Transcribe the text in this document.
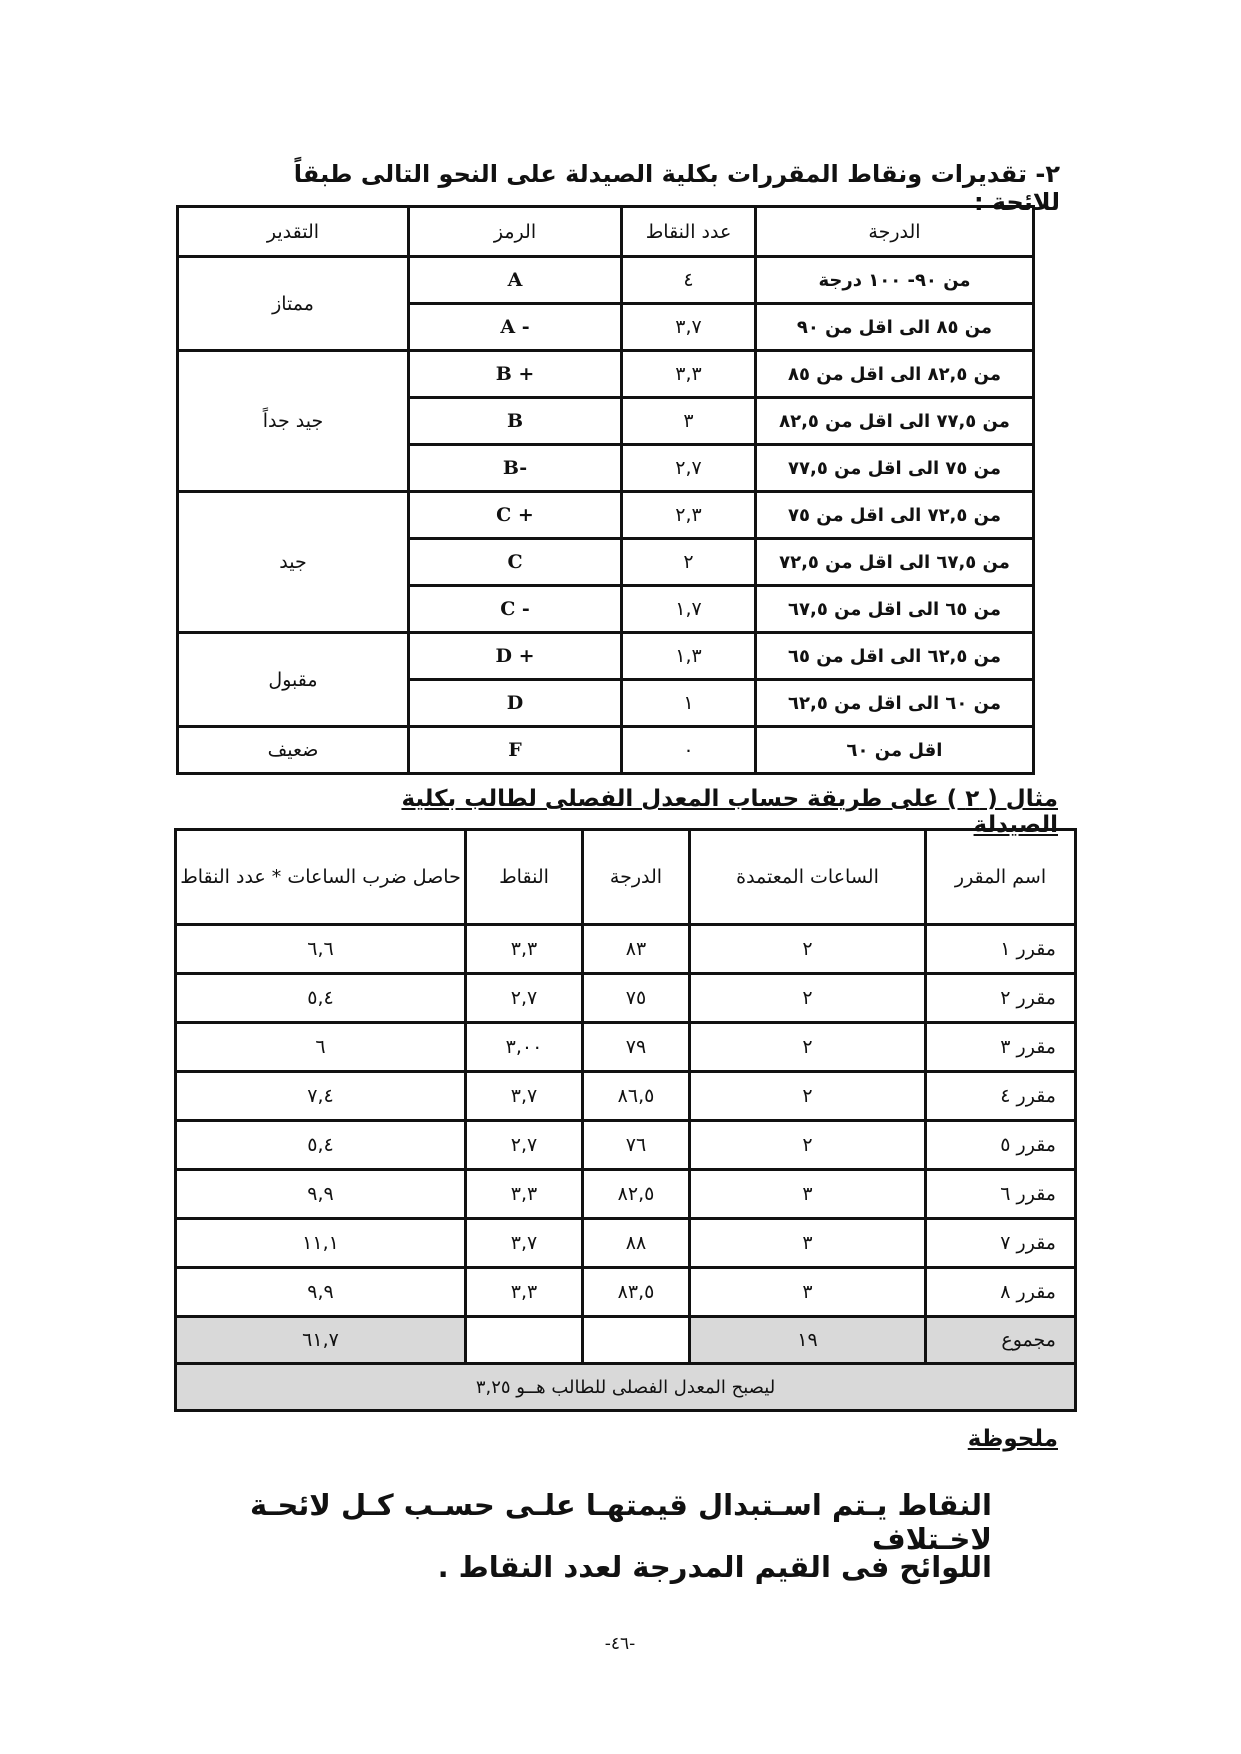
٢- تقديرات ونقاط المقررات بكلية الصيدلة على النحو التالى طبقاً للائحة :
الدرجة	عدد النقاط	الرمز	التقدير
من ٩٠- ١٠٠ درجة	٤	A	ممتاز
من ٨٥ الى اقل من ٩٠	٣,٧	A -	
من ٨٢,٥ الى اقل من ٨٥	٣,٣	B +	جيد جداً
من ٧٧,٥ الى اقل من ٨٢,٥	٣	B	
من ٧٥ الى اقل من ٧٧,٥	٢,٧	B-	
من ٧٢,٥ الى اقل من ٧٥	٢,٣	C +	جيد
من ٦٧,٥ الى اقل من ٧٢,٥	٢	C	
من ٦٥ الى اقل من ٦٧,٥	١,٧	C -	
من ٦٢,٥ الى اقل من ٦٥	١,٣	D +	مقبول
من ٦٠ الى اقل من ٦٢,٥	١	D	
اقل من ٦٠	٠	F	ضعيف
مثال ( ٢ ) على طريقة حساب المعدل الفصلى لطالب بكلية الصيدلة
اسم المقرر	الساعات المعتمدة	الدرجة	النقاط	حاصل ضرب الساعات * عدد النقاط
مقرر ١	٢	٨٣	٣,٣	٦,٦
مقرر ٢	٢	٧٥	٢,٧	٥,٤
مقرر ٣	٢	٧٩	٣,٠٠	٦
مقرر ٤	٢	٨٦,٥	٣,٧	٧,٤
مقرر ٥	٢	٧٦	٢,٧	٥,٤
مقرر ٦	٣	٨٢,٥	٣,٣	٩,٩
مقرر ٧	٣	٨٨	٣,٧	١١,١
مقرر ٨	٣	٨٣,٥	٣,٣	٩,٩
مجموع	١٩			٦١,٧
ليصبح المعدل الفصلى للطالب هــو ٣,٢٥				
ملحوظة
النقاط يـتم اسـتبدال قيمتهـا علـى حسـب كـل لائحـة لاخـتلاف
اللوائح فى القيم المدرجة لعدد النقاط .
-٤٦-
